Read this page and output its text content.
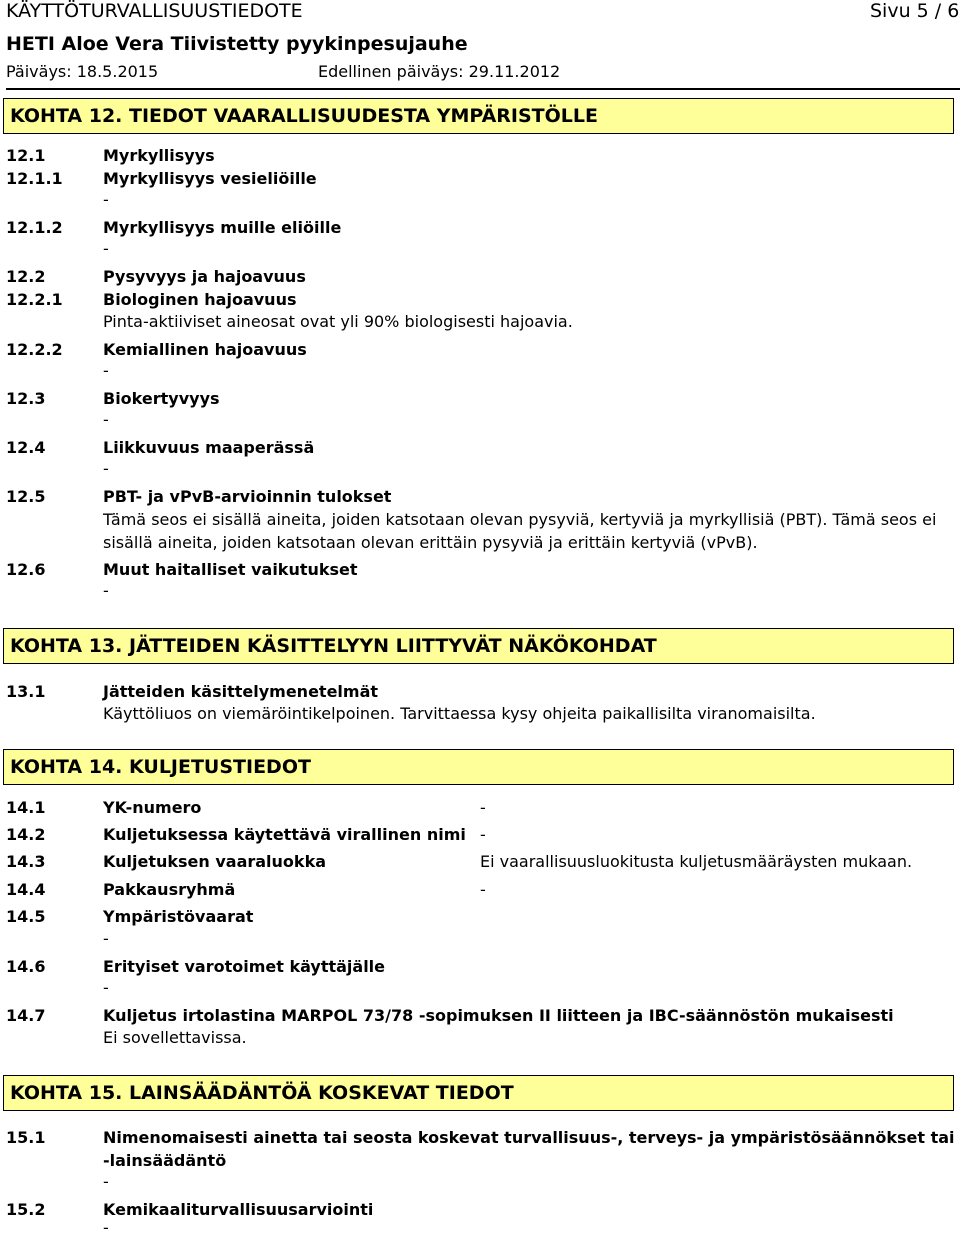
KÄYTTÖTURVALLISUUSTIEDOTE	Sivu 5 / 6
HETI Aloe Vera Tiivistetty pyykinpesujauhe
Päiväys: 18.5.2015	Edellinen päiväys: 29.11.2012
KOHTA 12. TIEDOT VAARALLISUUDESTA YMPÄRISTÖLLE
12.1	Myrkyllisyys
12.1.1	Myrkyllisyys vesieliöille
-
12.1.2	Myrkyllisyys muille eliöille
-
12.2	Pysyvyys ja hajoavuus
12.2.1	Biologinen hajoavuus
Pinta-aktiiviset aineosat ovat yli 90% biologisesti hajoavia.
12.2.2	Kemiallinen hajoavuus
-
12.3	Biokertyvyys
-
12.4	Liikkuvuus maaperässä
-
12.5	PBT- ja vPvB-arvioinnin tulokset
Tämä seos ei sisällä aineita, joiden katsotaan olevan pysyviä, kertyviä ja myrkyllisiä (PBT). Tämä seos ei sisällä aineita, joiden katsotaan olevan erittäin pysyviä ja erittäin kertyviä (vPvB).
12.6	Muut haitalliset vaikutukset
-
KOHTA 13. JÄTTEIDEN KÄSITTELYYN LIITTYVÄT NÄKÖKOHDAT
13.1	Jätteiden käsittelymenetelmät
Käyttöliuos on viemäröintikelpoinen. Tarvittaessa kysy ohjeita paikallisilta viranomaisilta.
KOHTA 14. KULJETUSTIEDOT
14.1	YK-numero	-
14.2	Kuljetuksessa käytettävä virallinen nimi -
14.3	Kuljetuksen vaaraluokka	Ei vaarallisuusluokitusta kuljetusmääräysten mukaan.
14.4	Pakkausryhmä	-
14.5	Ympäristövaarat
-
14.6	Erityiset varotoimet käyttäjälle
-
14.7	Kuljetus irtolastina MARPOL 73/78 -sopimuksen II liitteen ja IBC-säännöstön mukaisesti
Ei sovellettavissa.
KOHTA 15. LAINSÄÄDÄNTÖÄ KOSKEVAT TIEDOT
15.1	Nimenomaisesti ainetta tai seosta koskevat turvallisuus-, terveys- ja ympäristösäännökset tai
-lainsäädäntö
-
15.2	Kemikaaliturvallisuusarviointi
-
